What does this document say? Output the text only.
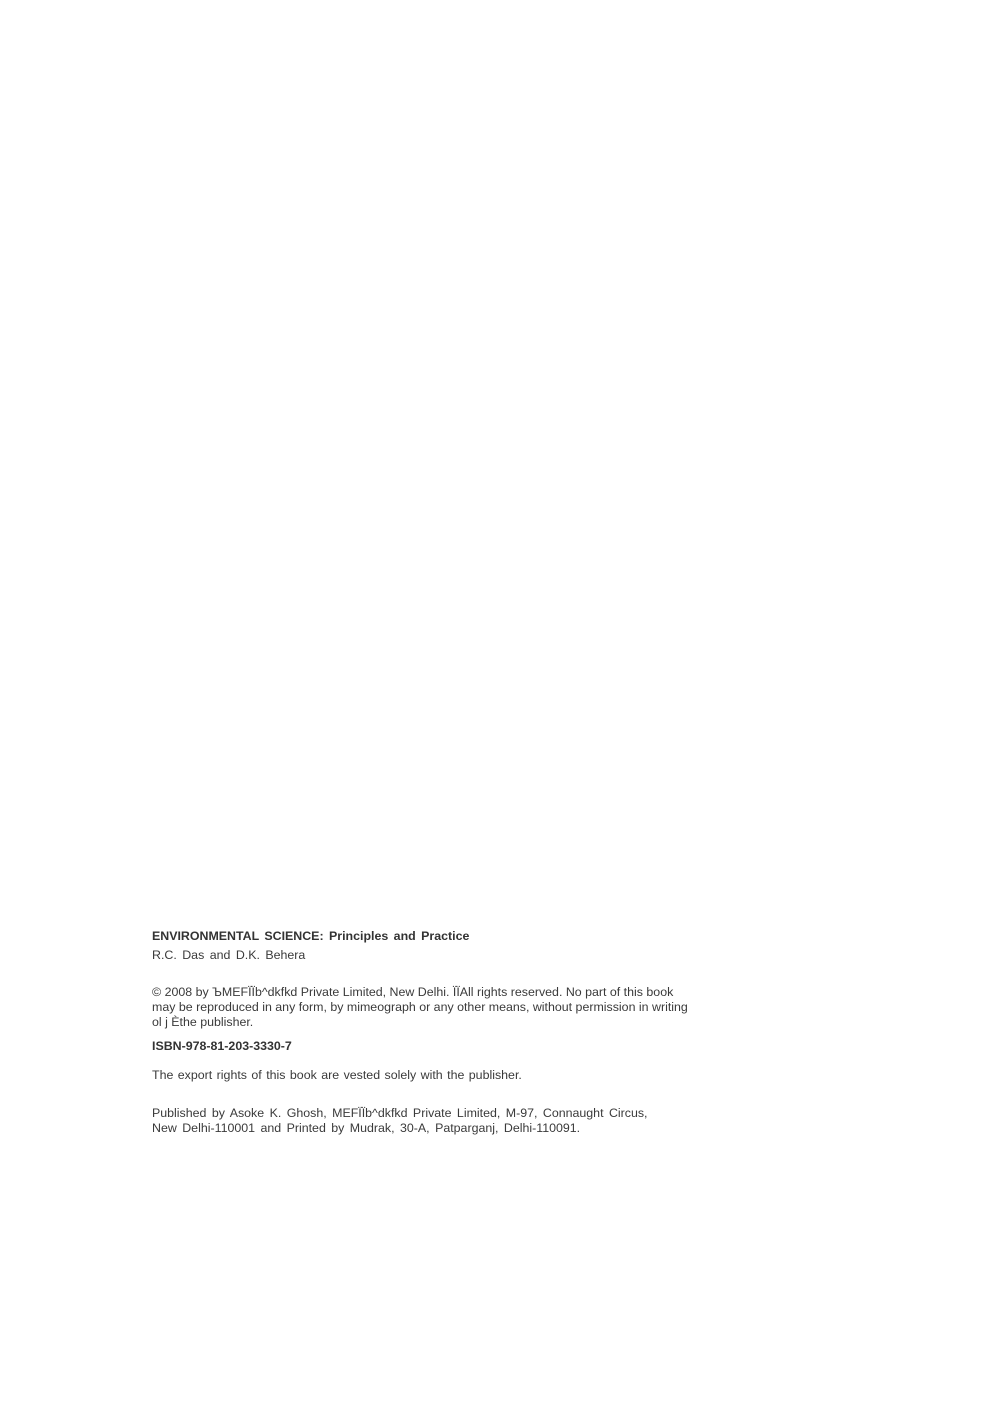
ENVIRONMENTAL SCIENCE: Principles and Practice
R.C. Das and D.K. Behera

© 2008 by ЪМЕFЇЇb^dkfkd Private Limited, New Delhi. ЇЇAll rights reserved. No part of this book

may be reproduced in any form, by mimeograph or any other means, without permission in writing

ol j Ѐthe publisher.

ISBN-978-81-203-3330-7
The export rights of this book are vested solely with the publisher.

Published by Asoke K. Ghosh, МЕFЇЇb^dkfkd Private Limited, M-97, Connaught Circus,

New Delhi-110001 and Printed by Mudrak, 30-A, Patparganj, Delhi-110091.
